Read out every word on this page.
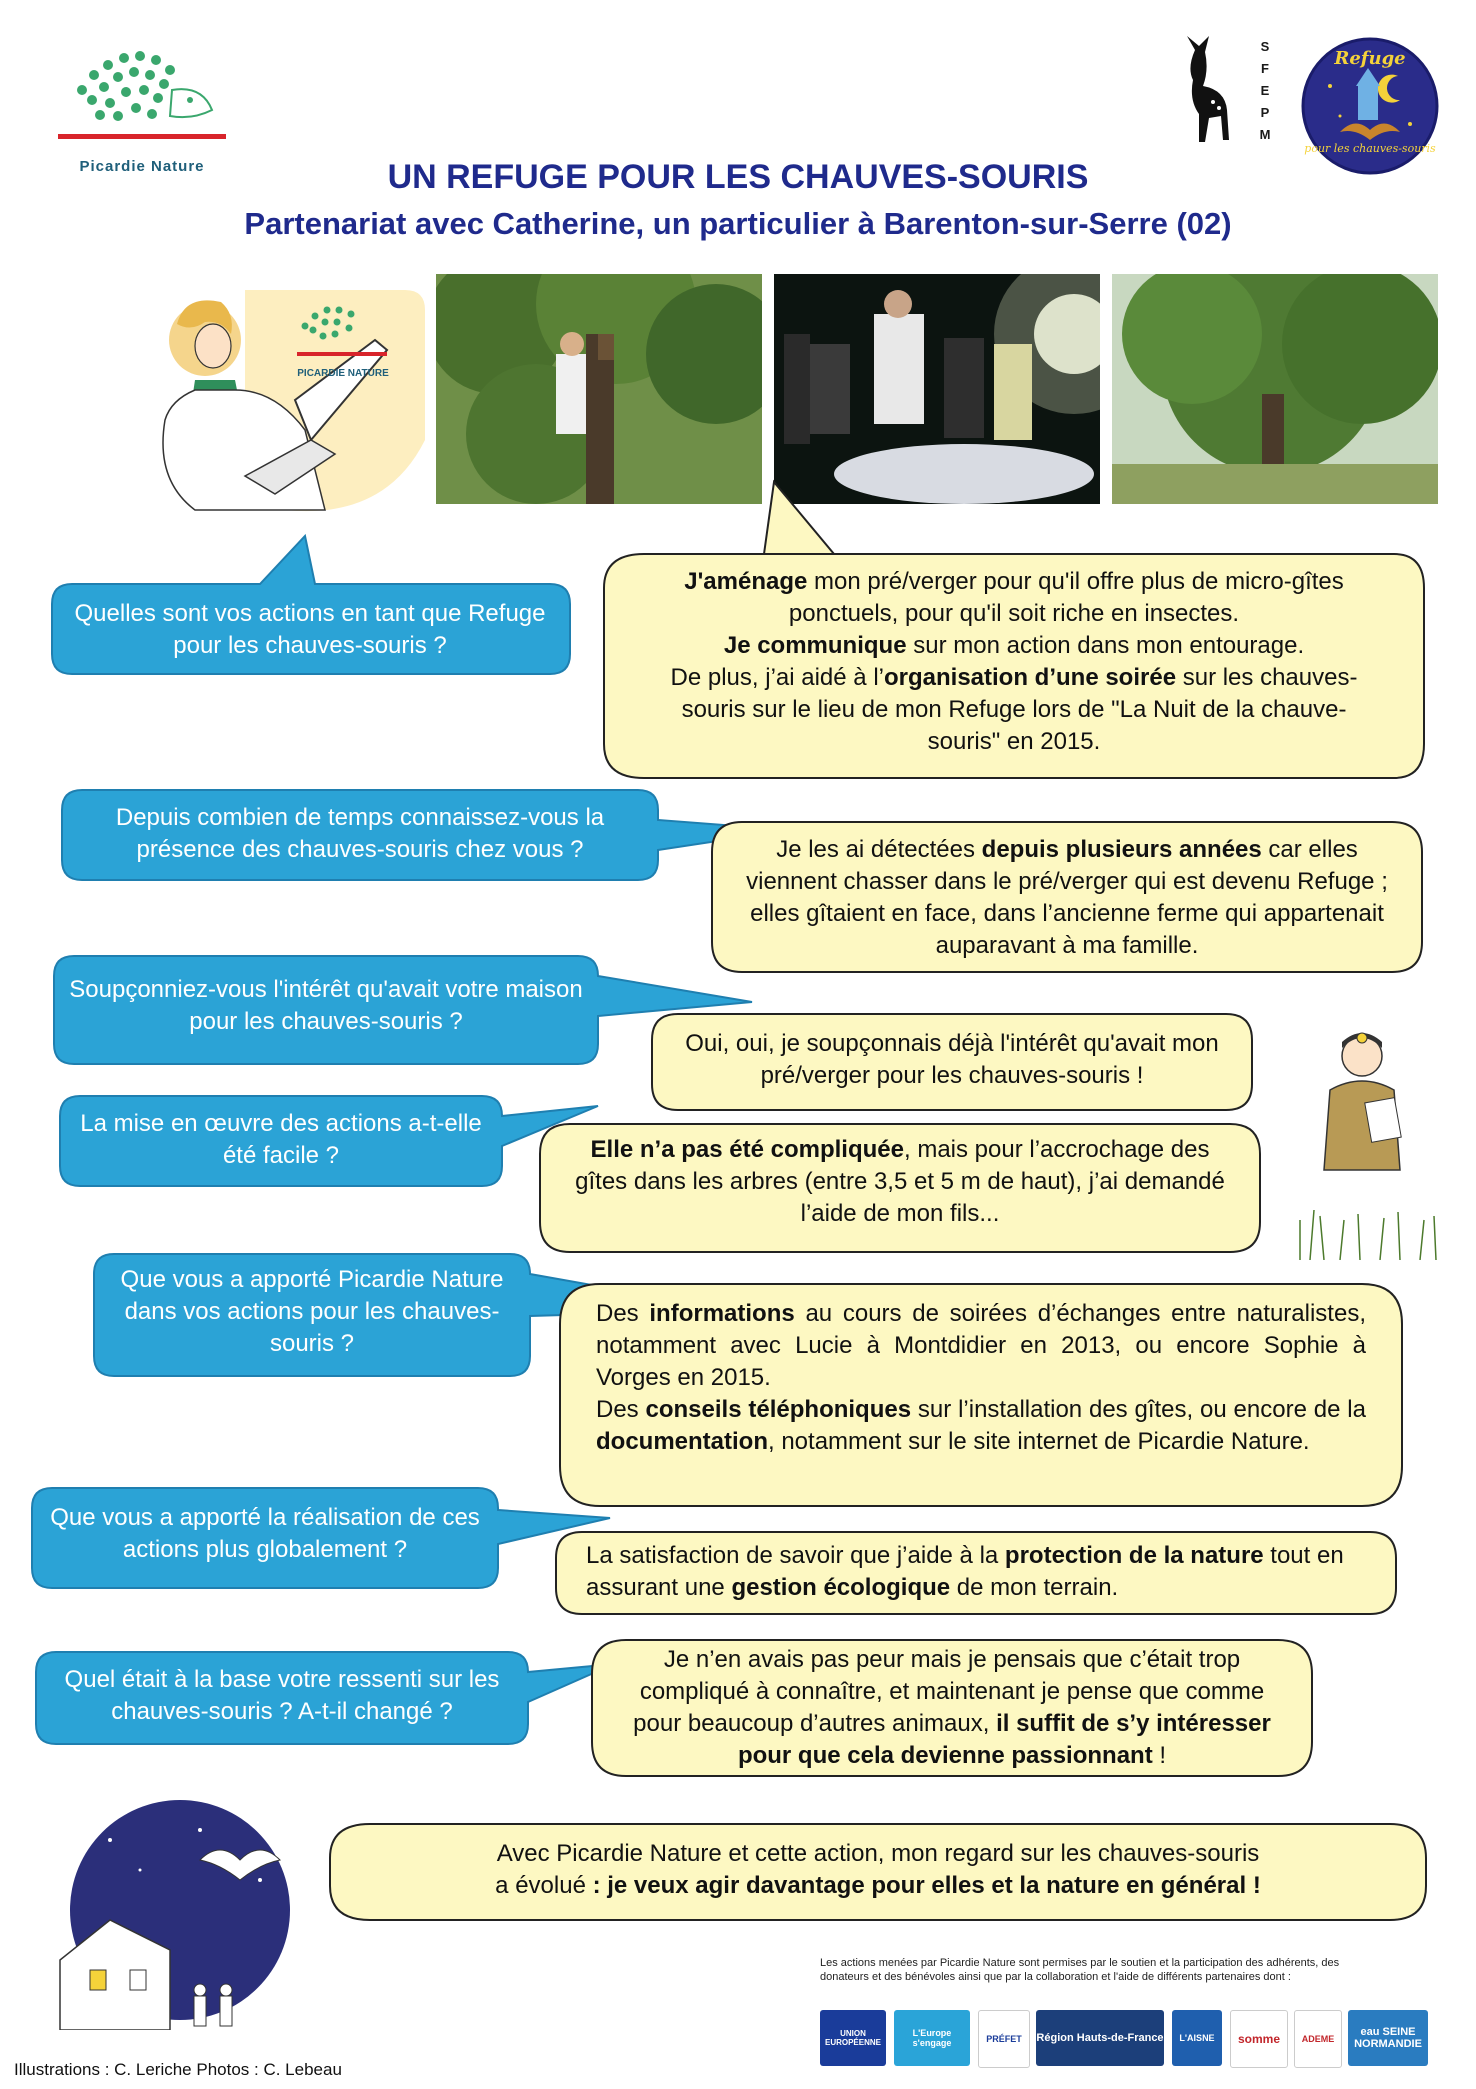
Picardie Nature
S
F
E
P
M
Refuge
pour les chauves-souris
UN REFUGE POUR LES CHAUVES-SOURIS
Partenariat avec Catherine, un particulier à Barenton-sur-Serre (02)
PICARDIE NATURE
Quelles sont vos actions en tant que Refuge pour les chauves-souris ?
J'aménage mon pré/verger pour qu'il offre plus de micro-gîtes ponctuels, pour qu'il soit riche en insectes.
Je communique sur mon action dans mon entourage.
De plus, j’ai aidé à l’organisation d’une soirée sur les chauves-souris sur le lieu de mon Refuge lors de "La Nuit de la chauve-souris" en 2015.
Depuis combien de temps connaissez-vous la présence des chauves-souris chez vous ?	Je les ai détectées depuis plusieurs années car elles viennent chasser dans le pré/verger qui est devenu Refuge ; elles gîtaient en face, dans l’ancienne ferme qui appartenait auparavant à ma famille.
Soupçonniez-vous l'intérêt qu'avait votre maison pour les chauves-souris ?
Oui, oui, je soupçonnais déjà l'intérêt qu'avait mon pré/verger pour les chauves-souris !
La mise en œuvre des actions a-t-elle été facile ?	Elle n’a pas été compliquée, mais pour l’accrochage des gîtes dans les arbres (entre 3,5 et 5 m de haut), j’ai demandé l’aide de mon fils...
Que vous a apporté Picardie Nature dans vos actions pour les chauves-souris ?
Des informations au cours de soirées d’échanges entre naturalistes, notamment avec Lucie à Montdidier en 2013, ou encore Sophie à Vorges en 2015.
Des conseils téléphoniques sur l’installation des gîtes, ou encore de la documentation, notamment sur le site internet de Picardie Nature.
Que vous a apporté la réalisation de ces actions plus globalement ?	La satisfaction de savoir que j’aide à la protection de la nature tout en assurant une gestion écologique de mon terrain.
Quel était à la base votre ressenti sur les chauves-souris ? A-t-il changé ?
Je n’en avais pas peur mais je pensais que c’était trop compliqué à connaître, et maintenant je pense que comme pour beaucoup d’autres animaux, il suffit de s’y intéresser pour que cela devienne passionnant !
Avec Picardie Nature et cette action, mon regard sur les chauves-souris
a évolué : je veux agir davantage pour elles et la nature en général !
Les actions menées par Picardie Nature sont permises par le soutien et la participation des adhérents, des donateurs et des bénévoles ainsi que par la collaboration et l'aide de différents partenaires dont :
UNION EUROPÉENNE
L'Europe s'engage	PRÉFET Région Hauts-de-France L'AISNE somme ADEME
eau SEINE NORMANDIE
Illustrations : C. Leriche Photos : C. Lebeau
